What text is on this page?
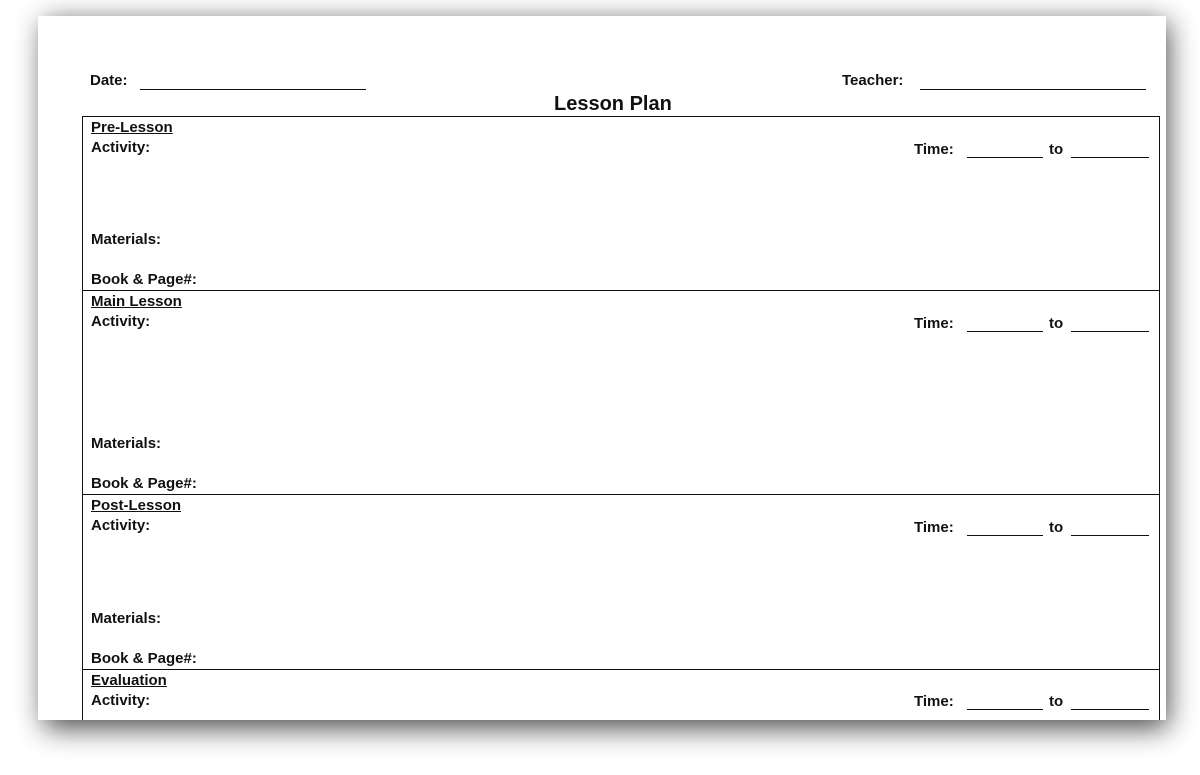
Date:	Teacher:
Lesson Plan
Pre-Lesson
Activity:	Time:	to
Materials:
Book & Page#:
Main Lesson
Activity:	Time:	to
Materials:
Book & Page#:
Post-Lesson
Activity:	Time:	to
Materials:
Book & Page#:
Evaluation
Activity:	Time:	to
